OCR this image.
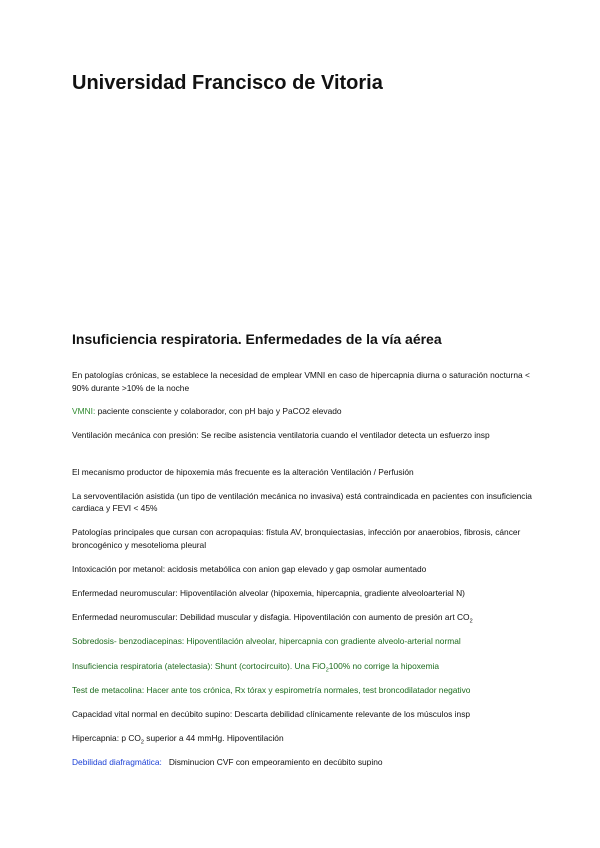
Universidad Francisco de Vitoria
Insuficiencia respiratoria. Enfermedades de la vía aérea

En patologías crónicas, se establece la necesidad de emplear VMNI en caso de hipercapnia diurna o saturación nocturna < 90% durante >10% de la noche

VMNI: paciente consciente y colaborador, con pH bajo y PaCO2 elevado

Ventilación mecánica con presión: Se recibe asistencia ventilatoria cuando el ventilador detecta un esfuerzo insp

El mecanismo productor de hipoxemia más frecuente es la alteración Ventilación / Perfusión

La servoventilación asistida (un tipo de ventilación mecánica no invasiva) está contraindicada en pacientes con insuficiencia cardiaca y FEVI < 45%

Patologías principales que cursan con acropaquias: fístula AV, bronquiectasias, infección por anaerobios, fibrosis, cáncer broncogénico y mesotelioma pleural

Intoxicación por metanol: acidosis metabólica con anion gap elevado y gap osmolar aumentado

Enfermedad neuromuscular: Hipoventilación alveolar (hipoxemia, hipercapnia, gradiente alveoloarterial N)

Enfermedad neuromuscular: Debilidad muscular y disfagia. Hipoventilación con aumento de presión art $CO_2$

Sobredosis- benzodiacepinas: Hipoventilación alveolar, hipercapnia con gradiente alveolo-arterial normal

Insuficiencia respiratoria (atelectasia): Shunt (cortocircuito). Una FiO$_2$100% no corrige la hipoxemia

Test de metacolina: Hacer ante tos crónica, Rx tórax y espirometría normales, test broncodilatador negativo

Capacidad vital normal en decúbito supino: Descarta debilidad clínicamente relevante de los músculos insp

Hipercapnia: p $CO_2$ superior a 44 mmHg. Hipoventilación

Debilidad diafragmática:   Disminucion CVF con empeoramiento en decúbito supino
